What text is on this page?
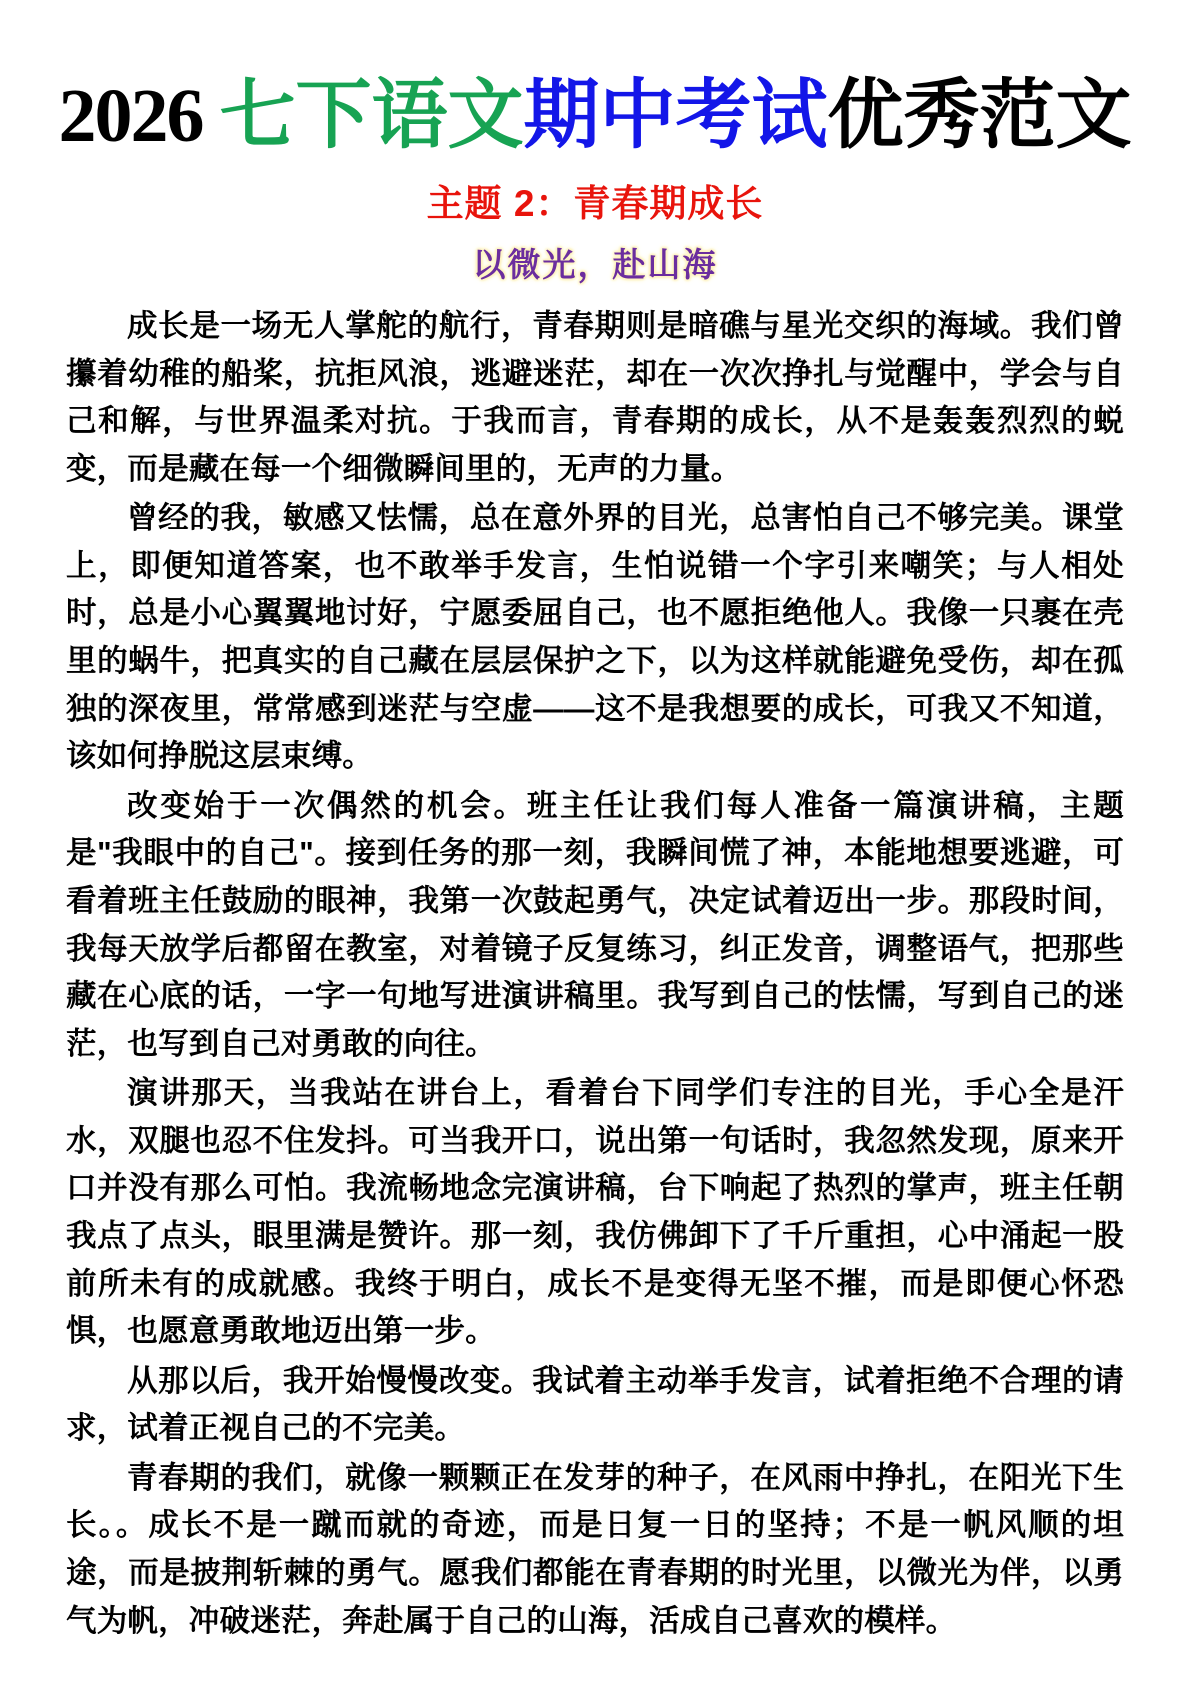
2026 七下语文期中考试优秀范文
主题 2：青春期成长
以微光，赴山海

成长是一场无人掌舵的航行，青春期则是暗礁与星光交织的海域。我们曾攥着幼稚的船桨，抗拒风浪，逃避迷茫，却在一次次挣扎与觉醒中，学会与自己和解，与世界温柔对抗。于我而言，青春期的成长，从不是轰轰烈烈的蜕变，而是藏在每一个细微瞬间里的，无声的力量。

曾经的我，敏感又怯懦，总在意外界的目光，总害怕自己不够完美。课堂上，即便知道答案，也不敢举手发言，生怕说错一个字引来嘲笑；与人相处时，总是小心翼翼地讨好，宁愿委屈自己，也不愿拒绝他人。我像一只裹在壳里的蜗牛，把真实的自己藏在层层保护之下，以为这样就能避免受伤，却在孤独的深夜里，常常感到迷茫与空虚——这不是我想要的成长，可我又不知道，该如何挣脱这层束缚。

改变始于一次偶然的机会。班主任让我们每人准备一篇演讲稿，主题是"我眼中的自己"。接到任务的那一刻，我瞬间慌了神，本能地想要逃避，可看着班主任鼓励的眼神，我第一次鼓起勇气，决定试着迈出一步。那段时间，我每天放学后都留在教室，对着镜子反复练习，纠正发音，调整语气，把那些藏在心底的话，一字一句地写进演讲稿里。我写到自己的怯懦，写到自己的迷茫，也写到自己对勇敢的向往。

演讲那天，当我站在讲台上，看着台下同学们专注的目光，手心全是汗水，双腿也忍不住发抖。可当我开口，说出第一句话时，我忽然发现，原来开口并没有那么可怕。我流畅地念完演讲稿，台下响起了热烈的掌声，班主任朝我点了点头，眼里满是赞许。那一刻，我仿佛卸下了千斤重担，心中涌起一股前所未有的成就感。我终于明白，成长不是变得无坚不摧，而是即便心怀恐惧，也愿意勇敢地迈出第一步。

从那以后，我开始慢慢改变。我试着主动举手发言，试着拒绝不合理的请求，试着正视自己的不完美。

青春期的我们，就像一颗颗正在发芽的种子，在风雨中挣扎，在阳光下生长。。成长不是一蹴而就的奇迹，而是日复一日的坚持；不是一帆风顺的坦途，而是披荆斩棘的勇气。愿我们都能在青春期的时光里，以微光为伴，以勇气为帆，冲破迷茫，奔赴属于自己的山海，活成自己喜欢的模样。
